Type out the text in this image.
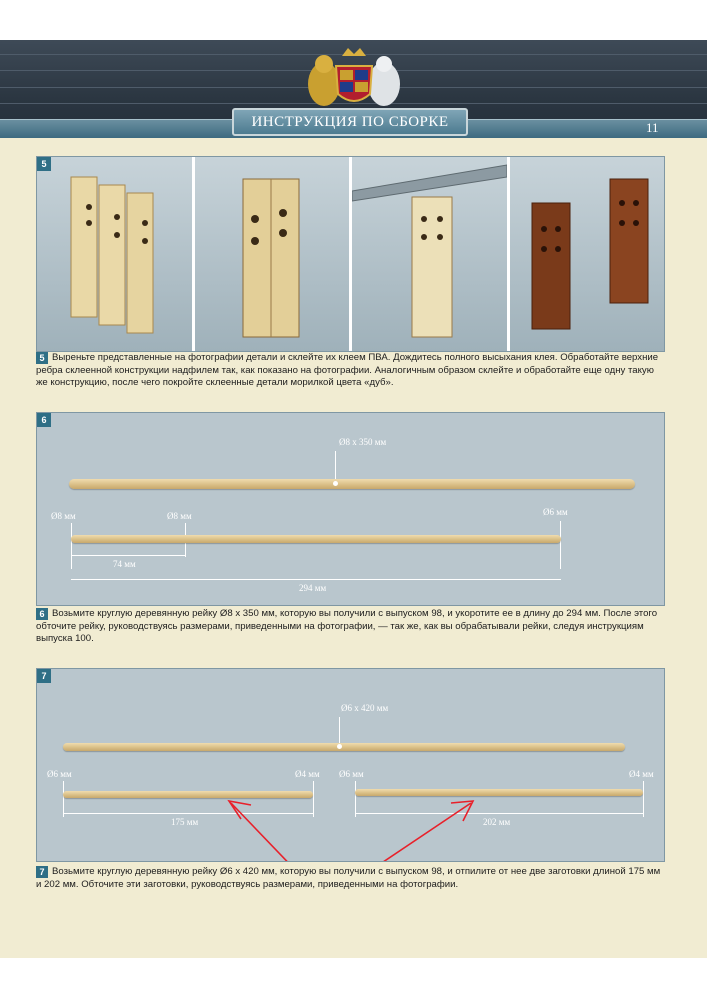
ИНСТРУКЦИЯ ПО СБОРКЕ	11
5
5 Выреньте представленные на фотографии детали и склейте их клеем ПВА. Дождитесь полного высыхания клея. Обработайте верхние ребра склеенной конструкции надфилем так, как показано на фотографии. Аналогичным образом склейте и обработайте еще одну такую же конструкцию, после чего покройте склеенные детали морилкой цвета «дуб».
6
Ø8 x 350 мм
Ø8 мм	Ø8 мм	Ø6 мм
74 мм
294 мм
6 Возьмите круглую деревянную рейку Ø8 x 350 мм, которую вы получили с выпуском 98, и укоротите ее в длину до 294 мм. После этого обточите рейку, руководствуясь размерами, приведенными на фотографии, — так же, как вы обрабатывали рейки, следуя инструкциям выпуска 100.
7
Ø6 x 420 мм
Ø6 мм	Ø4 мм Ø6 мм	Ø4 мм
175 мм	202 мм
7 Возьмите круглую деревянную рейку Ø6 x 420 мм, которую вы получили с выпуском 98, и отпилите от нее две заготовки длиной 175 мм и 202 мм. Обточите эти заготовки, руководствуясь размерами, приведенными на фотографии.
